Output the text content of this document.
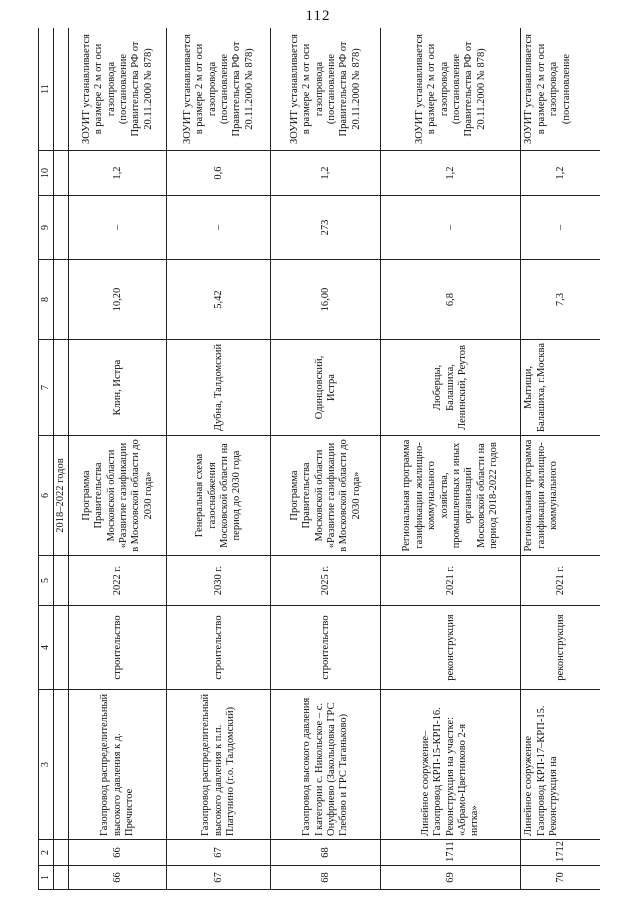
112
1	2	3	4	5	6	7	8	9	10	11
					2018–2022 годов					
66	66	Газопровод распределительный высокого давления к д. Пречистое	строительство	2022 г.	Программа Правительства Московской области «Развитие газификации в Московской области до 2030 года»	Клин, Истра	10,20	–	1,2	ЗОУИТ устанавливается в размере 2 м от оси газопровода (постановление Правительства РФ от 20.11.2000 № 878)
67	67	Газопровод распределительный высокого давления к п.п. Платунино (г.о. Талдомский)	строительство	2030 г.	Генеральная схема газоснабжения Московской области на период до 2030 года	Дубна, Талдомский	5,42	–	0,6	ЗОУИТ устанавливается в размере 2 м от оси газопровода (постановление Правительства РФ от 20.11.2000 № 878)
68	68	Газопровод высокого давления I категории с. Никольское – с. Онуфриево (Закольцовка ГРС Глебово и ГРС Таганьково)	строительство	2025 г.	Программа Правительства Московской области «Развитие газификации в Московской области до 2030 года»	Одинцовский, Истра	16,00	273	1,2	ЗОУИТ устанавливается в размере 2 м от оси газопровода (постановление Правительства РФ от 20.11.2000 № 878)
69	1711	Линейное сооружение–Газопровод КРП-15-КРП-16. Реконструкция на участке: «Абрамо-Цветниково 2-я нитка»	реконструкция	2021 г.	Региональная программа газификации жилищно-коммунального хозяйства, промышленных и иных организаций Московской области на период 2018-2022 годов	Люберцы, Балашиха, Ленинский, Реутов	6,8	–	1,2	ЗОУИТ устанавливается в размере 2 м от оси газопровода (постановление Правительства РФ от 20.11.2000 № 878)
70	1712	Линейное сооружение Газопровод КРП-17–КРП-15. Реконструкция на	реконструкция	2021 г.	Региональная программа газификации жилищно-коммунального	Мытищи, Балашиха, г.Москва	7,3	–	1,2	ЗОУИТ устанавливается в размере 2 м от оси газопровода (постановление
